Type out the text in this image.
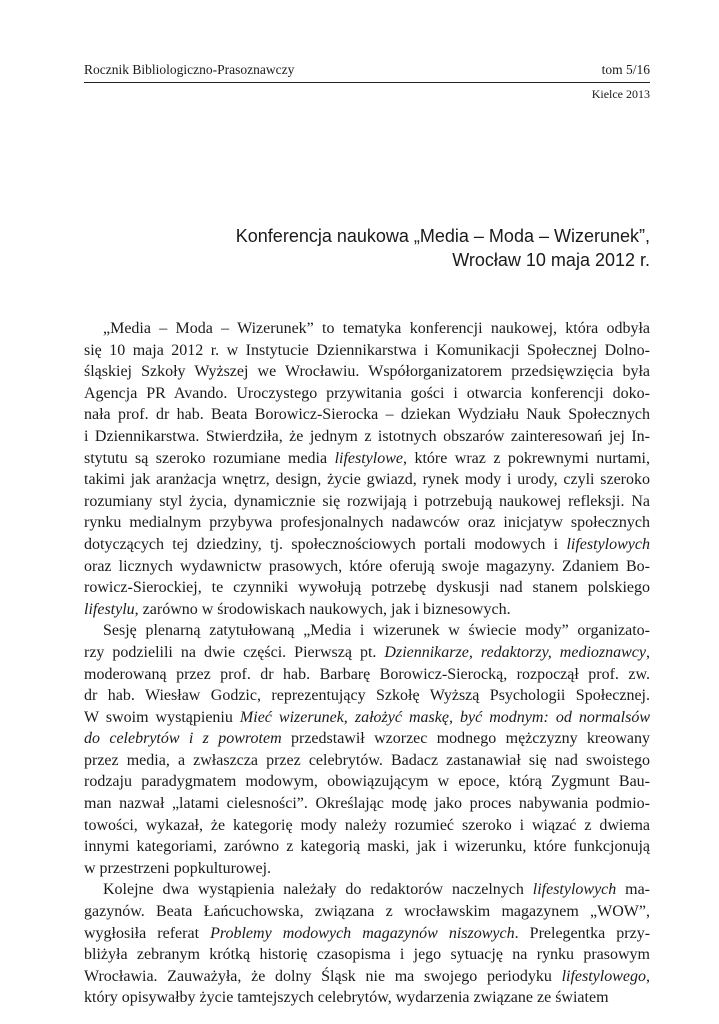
Rocznik Bibliologiczno-Prasoznawczy	tom 5/16
Kielce 2013
Konferencja naukowa „Media – Moda – Wizerunek”,
Wrocław 10 maja 2012 r.
„Media – Moda – Wizerunek” to tematyka konferencji naukowej, która odbyła
się 10 maja 2012 r. w Instytucie Dziennikarstwa i Komunikacji Społecznej Dolno-
śląskiej Szkoły Wyższej we Wrocławiu. Współorganizatorem przedsięwzięcia była
Agencja PR Avando. Uroczystego przywitania gości i otwarcia konferencji doko-
nała prof. dr hab. Beata Borowicz-Sierocka – dziekan Wydziału Nauk Społecznych
i Dziennikarstwa. Stwierdziła, że jednym z istotnych obszarów zainteresowań jej In-
stytutu są szeroko rozumiane media lifestylowe, które wraz z pokrewnymi nurtami,
takimi jak aranżacja wnętrz, design, życie gwiazd, rynek mody i urody, czyli szeroko
rozumiany styl życia, dynamicznie się rozwijają i potrzebują naukowej refleksji. Na
rynku medialnym przybywa profesjonalnych nadawców oraz inicjatyw społecznych
dotyczących tej dziedziny, tj. społecznościowych portali modowych i lifestylowych
oraz licznych wydawnictw prasowych, które oferują swoje magazyny. Zdaniem Bo-
rowicz-Sierockiej, te czynniki wywołują potrzebę dyskusji nad stanem polskiego
lifestylu, zarówno w środowiskach naukowych, jak i biznesowych.
Sesję plenarną zatytułowaną „Media i wizerunek w świecie mody” organizato-
rzy podzielili na dwie części. Pierwszą pt. Dziennikarze, redaktorzy, medioznawcy,
moderowaną przez prof. dr hab. Barbarę Borowicz-Sierocką, rozpoczął prof. zw.
dr hab. Wiesław Godzic, reprezentujący Szkołę Wyższą Psychologii Społecznej.
W swoim wystąpieniu Mieć wizerunek, założyć maskę, być modnym: od normalsów
do celebrytów i z powrotem przedstawił wzorzec modnego mężczyzny kreowany
przez media, a zwłaszcza przez celebrytów. Badacz zastanawiał się nad swoistego
rodzaju paradygmatem modowym, obowiązującym w epoce, którą Zygmunt Bau-
man nazwał „latami cielesności”. Określając modę jako proces nabywania podmio-
towości, wykazał, że kategorię mody należy rozumieć szeroko i wiązać z dwiema
innymi kategoriami, zarówno z kategorią maski, jak i wizerunku, które funkcjonują
w przestrzeni popkulturowej.
Kolejne dwa wystąpienia należały do redaktorów naczelnych lifestylowych ma-
gazynów. Beata Łańcuchowska, związana z wrocławskim magazynem „WOW”,
wygłosiła referat Problemy modowych magazynów niszowych. Prelegentka przy-
bliżyła zebranym krótką historię czasopisma i jego sytuację na rynku prasowym
Wrocławia. Zauważyła, że dolny Śląsk nie ma swojego periodyku lifestylowego,
który opisywałby życie tamtejszych celebrytów, wydarzenia związane ze światem
